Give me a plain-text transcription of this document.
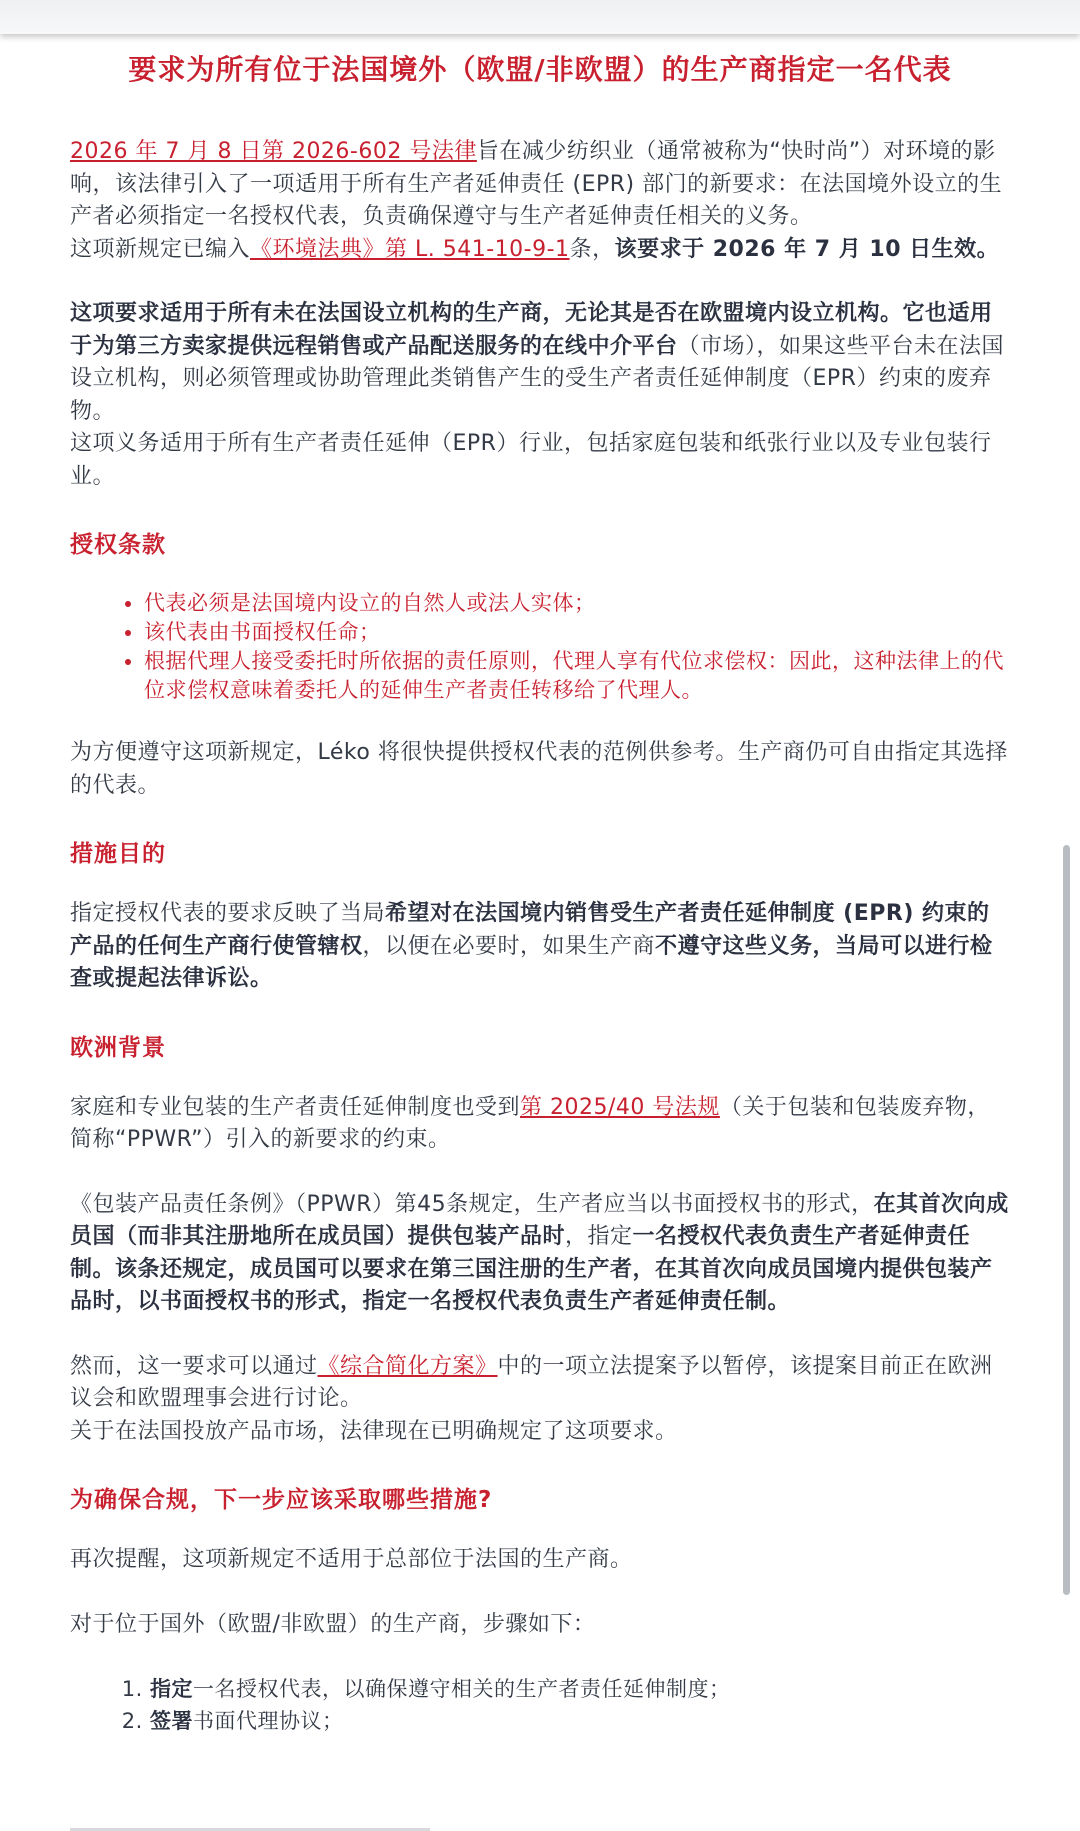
要求为所有位于法国境外（欧盟/非欧盟）的生产商指定一名代表

2026 年 7 月 8 日第 2026-602 号法律旨在减少纺织业（通常被称为“快时尚”）对环境的影响，该法律引入了一项适用于所有生产者延伸责任 (EPR) 部门的新要求：在法国境外设立的生产者必须指定一名授权代表，负责确保遵守与生产者延伸责任相关的义务。
这项新规定已编入《环境法典》第 L. 541-10-9-1条，该要求于 2026 年 7 月 10 日生效。

这项要求适用于所有未在法国设立机构的生产商，无论其是否在欧盟境内设立机构。它也适用于为第三方卖家提供远程销售或产品配送服务的在线中介平台（市场），如果这些平台未在法国设立机构，则必须管理或协助管理此类销售产生的受生产者责任延伸制度（EPR）约束的废弃物。
这项义务适用于所有生产者责任延伸（EPR）行业，包括家庭包装和纸张行业以及专业包装行业。

授权条款
• 代表必须是法国境内设立的自然人或法人实体；
• 该代表由书面授权任命；
• 根据代理人接受委托时所依据的责任原则，代理人享有代位求偿权：因此，这种法律上的代位求偿权意味着委托人的延伸生产者责任转移给了代理人。

为方便遵守这项新规定，Léko 将很快提供授权代表的范例供参考。生产商仍可自由指定其选择的代表。

措施目的

指定授权代表的要求反映了当局希望对在法国境内销售受生产者责任延伸制度 (EPR) 约束的产品的任何生产商行使管辖权，以便在必要时，如果生产商不遵守这些义务，当局可以进行检查或提起法律诉讼。

欧洲背景

家庭和专业包装的生产者责任延伸制度也受到第 2025/40 号法规（关于包装和包装废弃物，简称“PPWR”）引入的新要求的约束。

《包装产品责任条例》（PPWR）第45条规定，生产者应当以书面授权书的形式，在其首次向成员国（而非其注册地所在成员国）提供包装产品时，指定一名授权代表负责生产者延伸责任制。该条还规定，成员国可以要求在第三国注册的生产者，在其首次向成员国境内提供包装产品时，以书面授权书的形式，指定一名授权代表负责生产者延伸责任制。

然而，这一要求可以通过《综合简化方案》中的一项立法提案予以暂停，该提案目前正在欧洲议会和欧盟理事会进行讨论。
关于在法国投放产品市场，法律现在已明确规定了这项要求。

为确保合规，下一步应该采取哪些措施?

再次提醒，这项新规定不适用于总部位于法国的生产商。

对于位于国外（欧盟/非欧盟）的生产商，步骤如下：

1. 指定一名授权代表，以确保遵守相关的生产者责任延伸制度；
2. 签署书面代理协议；
